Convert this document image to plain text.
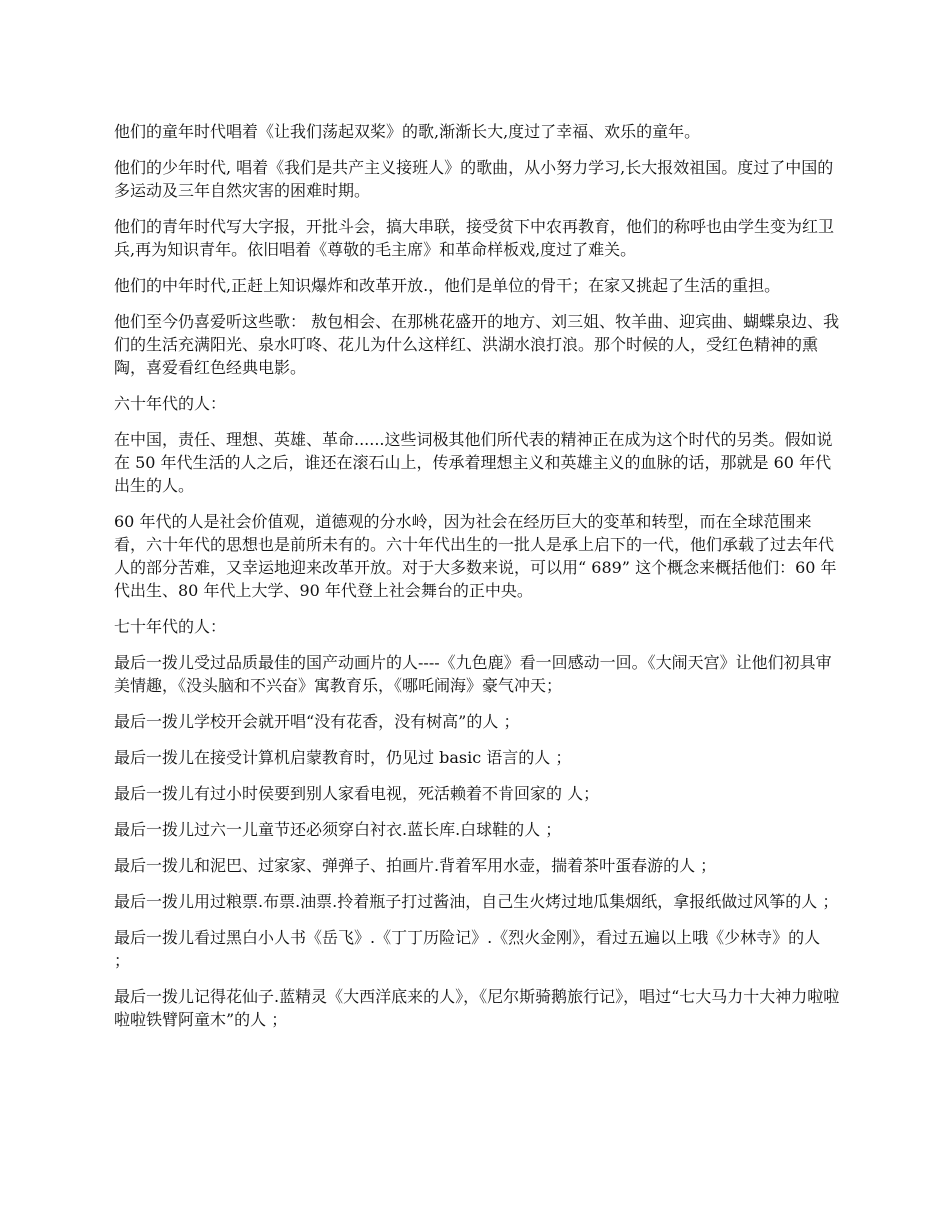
他们的童年时代唱着《让我们荡起双桨》的歌,渐渐长大,度过了幸福、欢乐的童年。

他们的少年时代, 唱着《我们是共产主义接班人》的歌曲，从小努力学习,长大报效祖国。度过了中国的多运动及三年自然灾害的困难时期。

他们的青年时代写大字报，开批斗会，搞大串联，接受贫下中农再教育，他们的称呼也由学生变为红卫兵,再为知识青年。依旧唱着《尊敬的毛主席》和革命样板戏,度过了难关。

他们的中年时代,正赶上知识爆炸和改革开放.，他们是单位的骨干；在家又挑起了生活的重担。

他们至今仍喜爱听这些歌： 敖包相会、在那桃花盛开的地方、刘三姐、牧羊曲、迎宾曲、蝴蝶泉边、我们的生活充满阳光、泉水叮咚、花儿为什么这样红、洪湖水浪打浪。那个时候的人，受红色精神的熏陶，喜爱看红色经典电影。

六十年代的人：

在中国，责任、理想、英雄、革命......这些词极其他们所代表的精神正在成为这个时代的另类。假如说在 50 年代生活的人之后，谁还在滚石山上，传承着理想主义和英雄主义的血脉的话，那就是 60 年代出生的人。

60 年代的人是社会价值观，道德观的分水岭，因为社会在经历巨大的变革和转型，而在全球范围来看，六十年代的思想也是前所未有的。六十年代出生的一批人是承上启下的一代，他们承载了过去年代人的部分苦难，又幸运地迎来改革开放。对于大多数来说，可以用“ 689” 这个概念来概括他们：60 年代出生、80 年代上大学、90 年代登上社会舞台的正中央。

七十年代的人：

最后一拨儿受过品质最佳的国产动画片的人----《九色鹿》看一回感动一回。《大闹天宫》让他们初具审美情趣，《没头脑和不兴奋》寓教育乐，《哪吒闹海》豪气冲天；

最后一拨儿学校开会就开唱“没有花香，没有树高”的人 ；

最后一拨儿在接受计算机启蒙教育时，仍见过 basic 语言的人 ；

最后一拨儿有过小时侯要到别人家看电视，死活赖着不肯回家的 人；

最后一拨儿过六一儿童节还必须穿白衬衣.蓝长库.白球鞋的人 ；

最后一拨儿和泥巴、过家家、弹弹子、拍画片.背着军用水壶，揣着茶叶蛋春游的人 ；

最后一拨儿用过粮票.布票.油票.拎着瓶子打过酱油，自己生火烤过地瓜集烟纸，拿报纸做过风筝的人 ；

最后一拨儿看过黑白小人书《岳飞》.《丁丁历险记》.《烈火金刚》，看过五遍以上哦《少林寺》的人 ；

最后一拨儿记得花仙子.蓝精灵《大西洋底来的人》，《尼尔斯骑鹅旅行记》，唱过“七大马力十大神力啦啦啦啦铁臂阿童木”的人 ；
